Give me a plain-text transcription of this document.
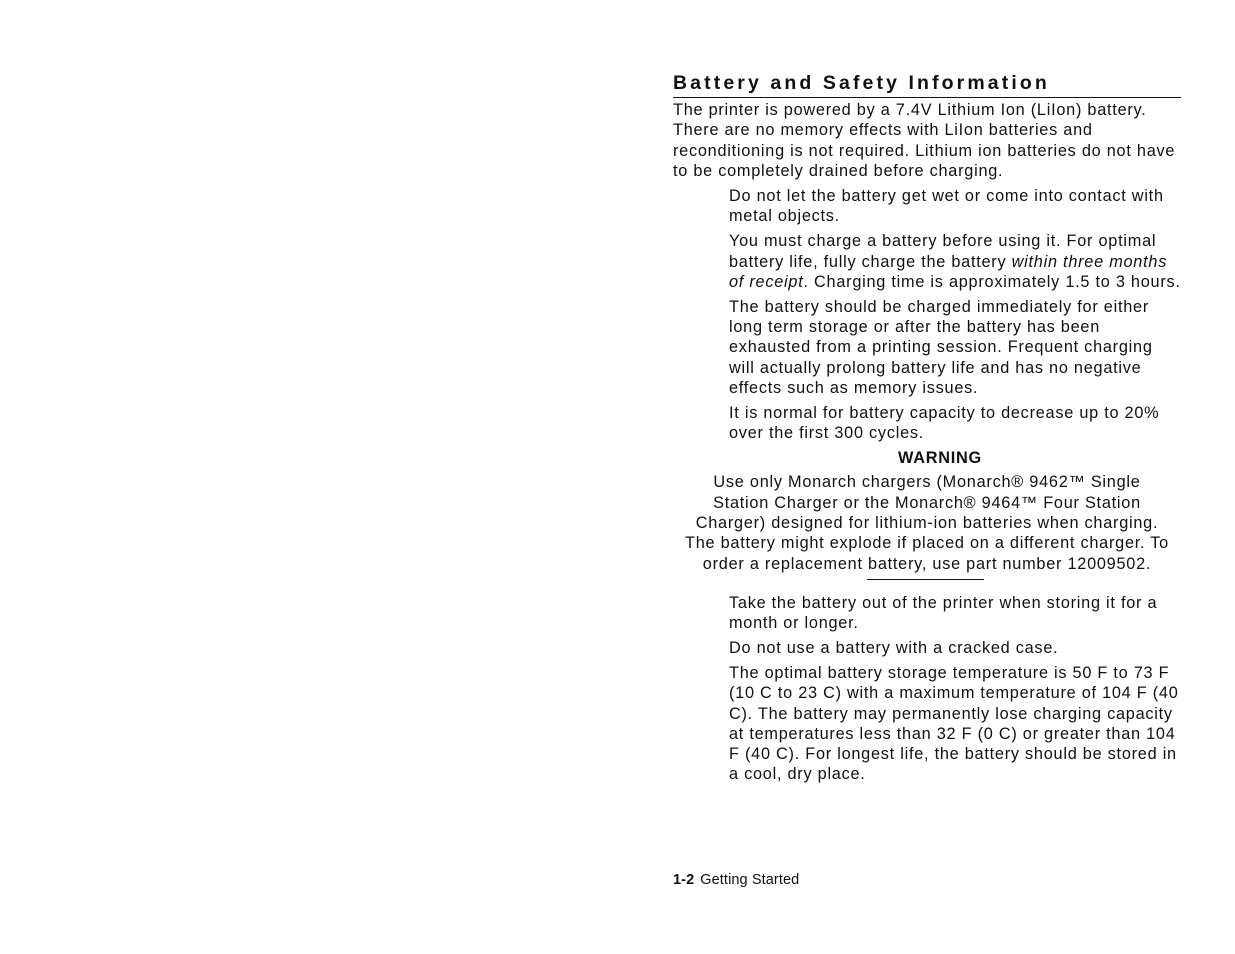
Battery and Safety Information

The printer is powered by a 7.4V Lithium Ion (LiIon) battery. There are no memory effects with LiIon batteries and reconditioning is not required. Lithium ion batteries do not have to be completely drained before charging.

Do not let the battery get wet or come into contact with metal objects.
You must charge a battery before using it. For optimal battery life, fully charge the battery within three months of receipt. Charging time is approximately 1.5 to 3 hours.
The battery should be charged immediately for either long term storage or after the battery has been exhausted from a printing session. Frequent charging will actually prolong battery life and has no negative effects such as memory issues.
It is normal for battery capacity to decrease up to 20% over the first 300 cycles.
WARNING

Use only Monarch chargers (Monarch® 9462™ Single Station Charger or the Monarch® 9464™ Four Station Charger) designed for lithium-ion batteries when charging. The battery might explode if placed on a different charger. To order a replacement battery, use part number 12009502.

Take the battery out of the printer when storing it for a month or longer.
Do not use a battery with a cracked case.
The optimal battery storage temperature is 50 F to 73 F (10 C to 23 C) with a maximum temperature of 104 F (40 C). The battery may permanently lose charging capacity at temperatures less than 32 F (0 C) or greater than 104 F (40 C). For longest life, the battery should be stored in a cool, dry place.
1-2 Getting Started
